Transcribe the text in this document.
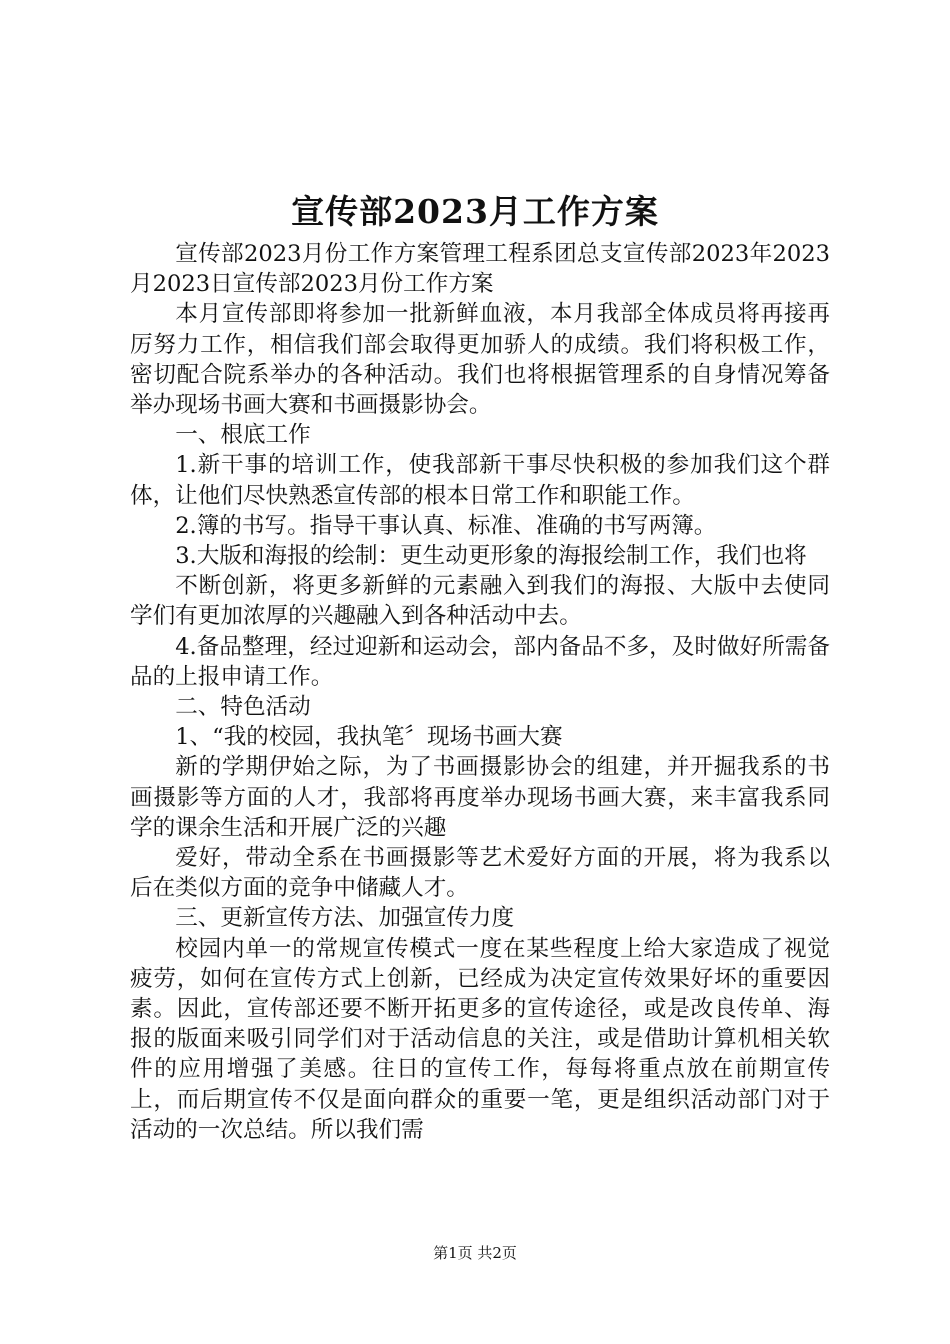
宣传部2023月工作方案

宣传部2023月份工作方案管理工程系团总支宣传部2023年2023月2023日宣传部2023月份工作方案

本月宣传部即将参加一批新鲜血液，本月我部全体成员将再接再厉努力工作，相信我们部会取得更加骄人的成绩。我们将积极工作，密切配合院系举办的各种活动。我们也将根据管理系的自身情况筹备举办现场书画大赛和书画摄影协会。

一、根底工作

1.新干事的培训工作，使我部新干事尽快积极的参加我们这个群体，让他们尽快熟悉宣传部的根本日常工作和职能工作。

2.簿的书写。指导干事认真、标准、准确的书写两簿。

3.大版和海报的绘制：更生动更形象的海报绘制工作，我们也将

不断创新，将更多新鲜的元素融入到我们的海报、大版中去使同学们有更加浓厚的兴趣融入到各种活动中去。

4.备品整理，经过迎新和运动会，部内备品不多，及时做好所需备品的上报申请工作。

二、特色活动

1、“我的校园，我执笔〞现场书画大赛

新的学期伊始之际，为了书画摄影协会的组建，并开掘我系的书画摄影等方面的人才，我部将再度举办现场书画大赛，来丰富我系同学的课余生活和开展广泛的兴趣

爱好，带动全系在书画摄影等艺术爱好方面的开展，将为我系以后在类似方面的竞争中储藏人才。

三、更新宣传方法、加强宣传力度

校园内单一的常规宣传模式一度在某些程度上给大家造成了视觉疲劳，如何在宣传方式上创新，已经成为决定宣传效果好坏的重要因素。因此，宣传部还要不断开拓更多的宣传途径，或是改良传单、海报的版面来吸引同学们对于活动信息的关注，或是借助计算机相关软件的应用增强了美感。往日的宣传工作，每每将重点放在前期宣传上，而后期宣传不仅是面向群众的重要一笔，更是组织活动部门对于活动的一次总结。所以我们需

第1页 共2页
